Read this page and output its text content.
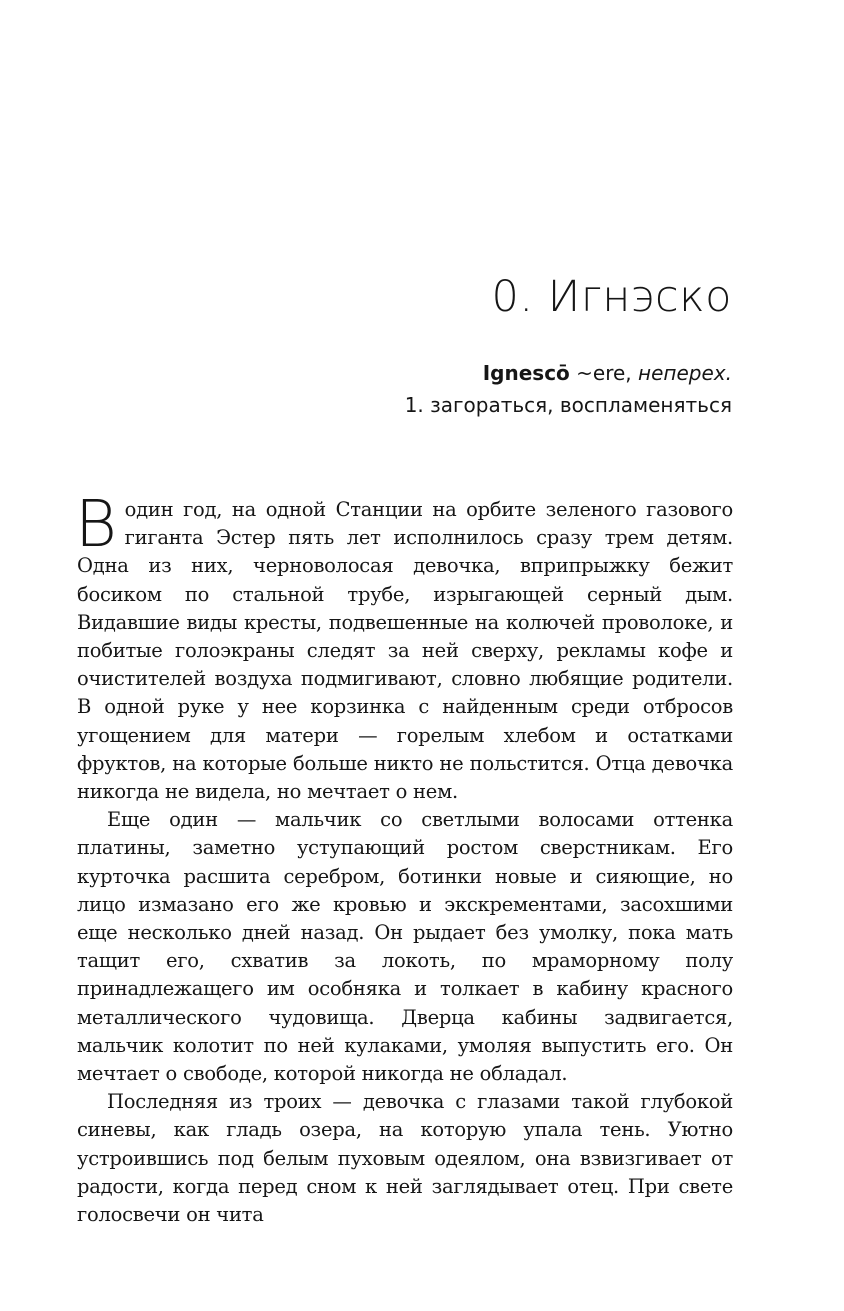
0. Игнэско
Ignescō ~ere, неперех.
1. загораться, воспламеняться

В один год, на одной Станции на орбите зеленого газового гиганта Эстер пять лет исполнилось сразу трем детям. Одна из них, черноволосая девочка, вприпрыжку бежит босиком по стальной трубе, изрыгающей серный дым. Видавшие виды кресты, подвешенные на колючей проволоке, и побитые голоэкраны следят за ней сверху, рекламы кофе и очистителей воздуха подмигивают, словно любящие родители. В одной руке у нее корзинка с найденным среди отбросов угощением для матери — горелым хлебом и остатками фруктов, на которые больше никто не польстится. Отца девочка никогда не видела, но мечтает о нем.

Еще один — мальчик со светлыми волосами оттенка платины, заметно уступающий ростом сверстникам. Его курточка расшита серебром, ботинки новые и сияющие, но лицо измазано его же кровью и экскрементами, засохшими еще несколько дней назад. Он рыдает без умолку, пока мать тащит его, схватив за локоть, по мраморному полу принадлежащего им особняка и толкает в кабину красного металлического чудовища. Дверца кабины задвигается, мальчик колотит по ней кулаками, умоляя выпустить его. Он мечтает о свободе, которой никогда не обладал.

Последняя из троих — девочка с глазами такой глубокой синевы, как гладь озера, на которую упала тень. Уютно устроившись под белым пуховым одеялом, она взвизгивает от радости, когда перед сном к ней заглядывает отец. При свете голосвечи он чита
